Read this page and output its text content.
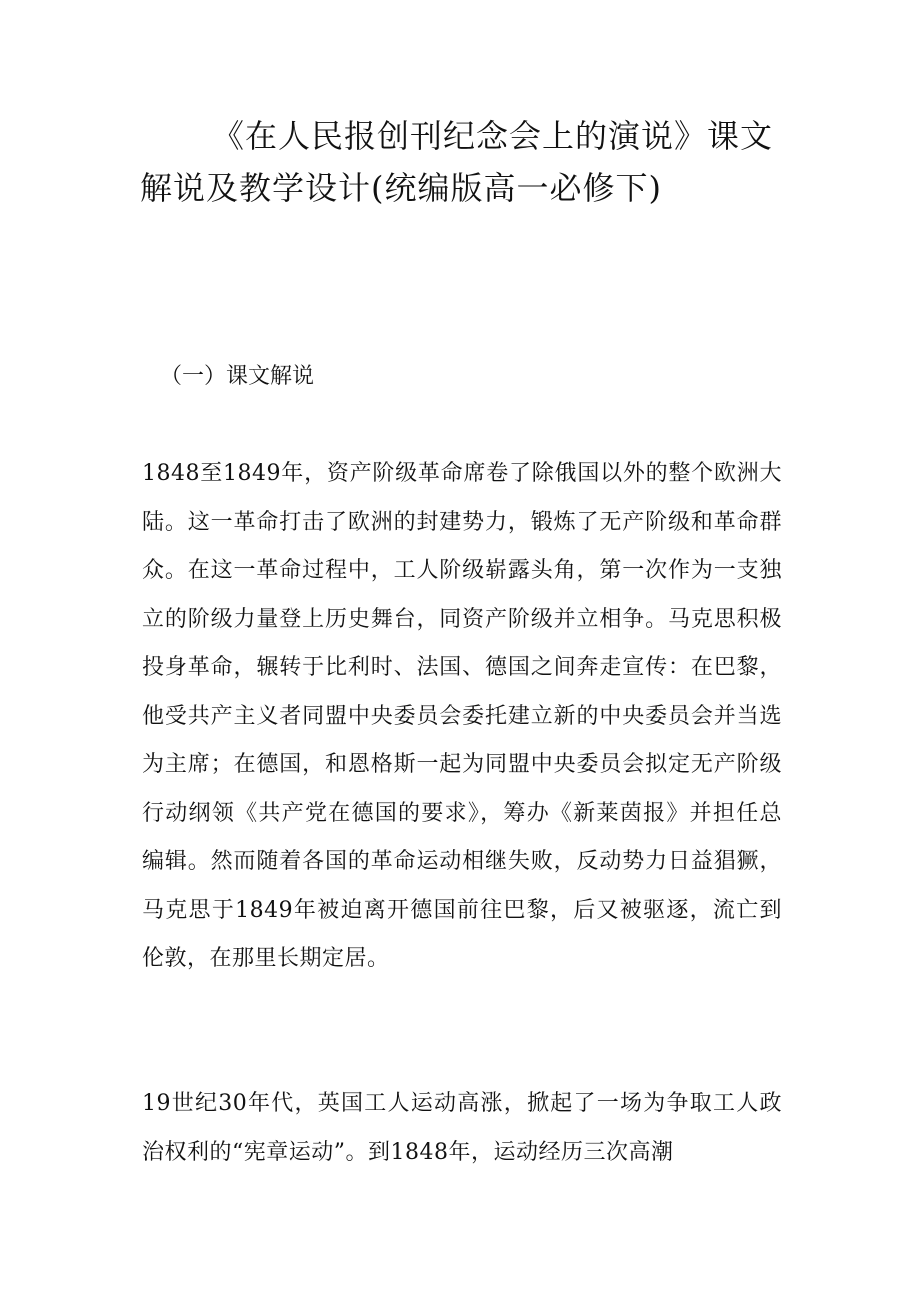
《在人民报创刊纪念会上的演说》课文解说及教学设计(统编版高一必修下)

（一）课文解说

1848至1849年，资产阶级革命席卷了除俄国以外的整个欧洲大陆。这一革命打击了欧洲的封建势力，锻炼了无产阶级和革命群众。在这一革命过程中，工人阶级崭露头角，第一次作为一支独立的阶级力量登上历史舞台，同资产阶级并立相争。马克思积极投身革命，辗转于比利时、法国、德国之间奔走宣传：在巴黎，他受共产主义者同盟中央委员会委托建立新的中央委员会并当选为主席；在德国，和恩格斯一起为同盟中央委员会拟定无产阶级行动纲领《共产党在德国的要求》，筹办《新莱茵报》并担任总编辑。然而随着各国的革命运动相继失败，反动势力日益猖獗，马克思于1849年被迫离开德国前往巴黎，后又被驱逐，流亡到伦敦，在那里长期定居。

19世纪30年代，英国工人运动高涨，掀起了一场为争取工人政治权利的“宪章运动”。到1848年，运动经历三次高潮
